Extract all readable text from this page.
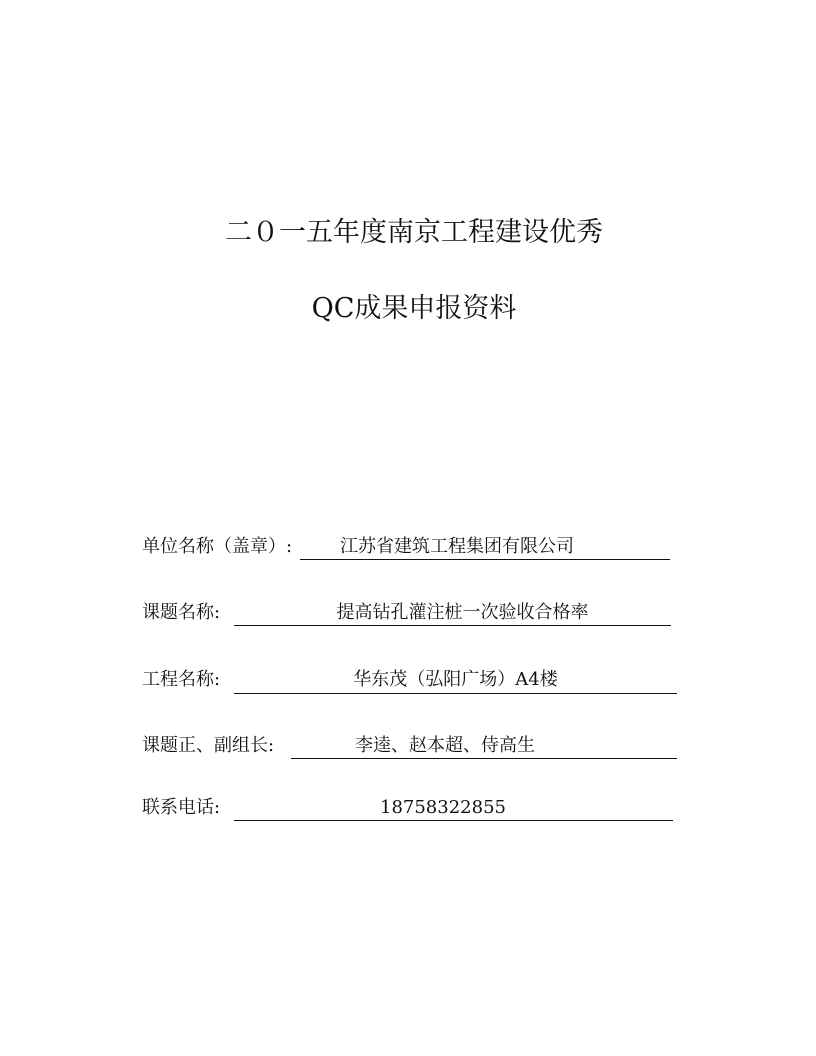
二０一五年度南京工程建设优秀
QC成果申报资料
单位名称（盖章）:	江苏省建筑工程集团有限公司
课题名称:	提高钻孔灌注桩一次验收合格率
工程名称:	华东茂（弘阳广场）A4楼
课题正、副组长:	李逵、赵本超、侍高生
联系电话:	18758322855
